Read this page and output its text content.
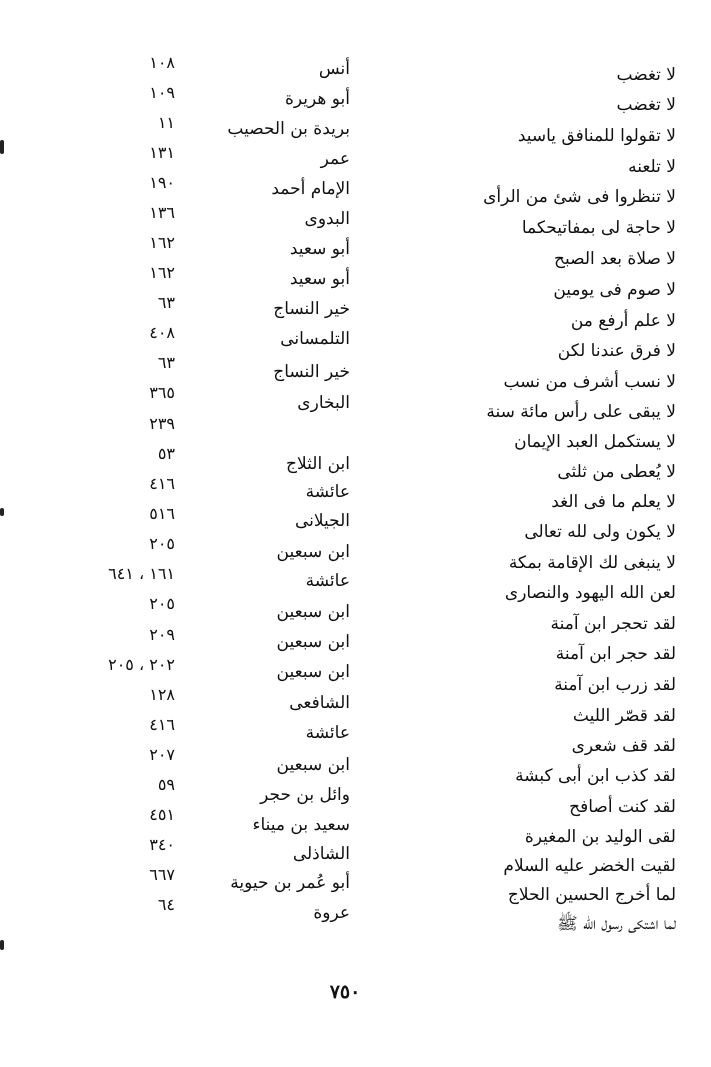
لا تغضب
لا تغضب
لا تقولوا للمنافق ياسيد
لا تلعنه
لا تنظروا فى شئ من الرأى
لا حاجة لى بمفاتيحكما
لا صلاة بعد الصبح
لا صوم فى يومين
لا علم أرفع من
لا فرق عندنا لكن
لا نسب أشرف من نسب
لا يبقى على رأس مائة سنة
لا يستكمل العبد الإيمان
لا يُعطى من ثلثى
لا يعلم ما فى الغد
لا يكون ولى لله تعالى
لا ينبغى لك الإقامة بمكة
لعن الله اليهود والنصارى
لقد تحجر ابن آمنة
لقد حجر ابن آمنة
لقد زرب ابن آمنة
لقد قصّر الليث
لقد قف شعرى
لقد كذب ابن أبى كبشة
لقد كنت أصافح
لقى الوليد بن المغيرة
لقيت الخضر عليه السلام
لما أخرج الحسين الحلاج
لما اشتكى رسول الله ﷺ
أنس
أبو هريرة
بريدة بن الحصيب
عمر
الإمام أحمد
البدوى
أبو سعيد
أبو سعيد
خير النساج
التلمسانى
خير النساج
البخارى
ابن الثلاج
عائشة
الجيلانى
ابن سبعين
عائشة
ابن سبعين
ابن سبعين
ابن سبعين
الشافعى
عائشة
ابن سبعين
وائل بن حجر
سعيد بن ميناء
الشاذلى
أبو عُمر بن حيوية
عروة
١٠٨
١٠٩
١١
١٣١
١٩٠
١٣٦
١٦٢
١٦٢
٦٣
٤٠٨
٦٣
٣٦٥
٢٣٩
٥٣
٤١٦
٥١٦
٢٠٥
١٦١ ، ٦٤١
٢٠٥
٢٠٩
٢٠٢ ، ٢٠٥
١٢٨
٤١٦
٢٠٧
٥٩
٤٥١
٣٤٠
٦٦٧
٦٤
٧٥٠
